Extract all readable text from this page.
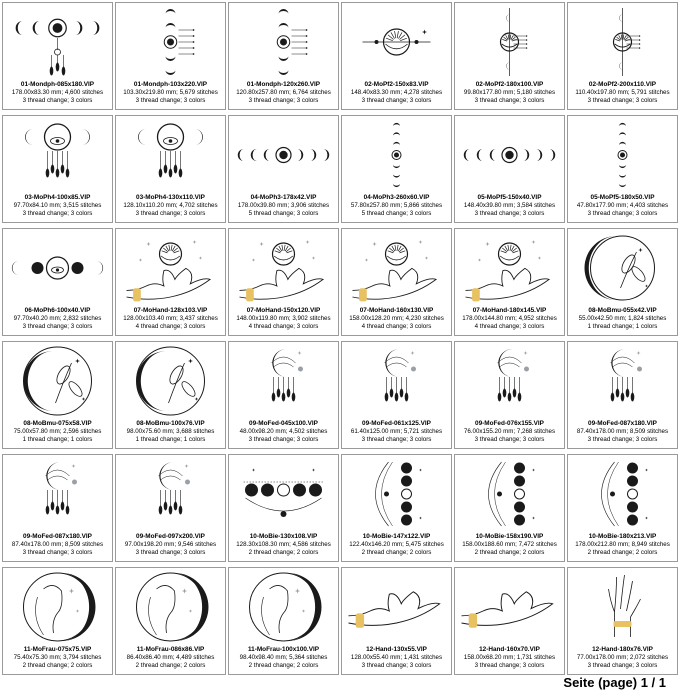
01-Mondph-085x180.VIP
178.00x83.30 mm; 4,600 stitches
3 thread change; 3 colors
01-Mondph-103x220.VIP
103.30x219.80 mm; 5,679 stitches
3 thread change; 3 colors
01-Mondph-120x260.VIP
120.80x257.80 mm; 6,764 stitches
3 thread change; 3 colors
02-MoPf2-150x83.VIP
148.40x83.30 mm; 4,278 stitches
3 thread change; 3 colors
02-MoPf2-180x100.VIP
99.80x177.80 mm; 5,180 stitches
3 thread change; 3 colors
02-MoPf2-200x110.VIP
110.40x197.80 mm; 5,791 stitches
3 thread change; 3 colors
03-MoPh4-100x85.VIP
97.70x84.10 mm; 3,515 stitches
3 thread change; 3 colors
03-MoPh4-130x110.VIP
128.10x110.20 mm; 4,702 stitches
3 thread change; 3 colors
04-MoPh3-178x42.VIP
178.00x39.80 mm; 3,906 stitches
5 thread change; 3 colors
04-MoPh3-260x60.VIP
57.80x257.80 mm; 5,866 stitches
5 thread change; 3 colors
05-MoPf5-150x40.VIP
148.40x39.80 mm; 3,584 stitches
3 thread change; 3 colors
05-MoPf5-180x50.VIP
47.80x177.90 mm; 4,403 stitches
3 thread change; 3 colors
06-MoPh6-100x40.VIP
97.70x40.20 mm; 2,832 stitches
3 thread change; 3 colors
07-MoHand-128x103.VIP
128.00x103.40 mm; 3,437 stitches
4 thread change; 3 colors
07-MoHand-150x120.VIP
148.00x119.80 mm; 3,902 stitches
4 thread change; 3 colors
07-MoHand-160x130.VIP
158.00x128.20 mm; 4,230 stitches
4 thread change; 3 colors
07-MoHand-180x145.VIP
178.00x144.80 mm; 4,952 stitches
4 thread change; 3 colors
08-MoBmu-055x42.VIP
55.00x42.50 mm; 1,824 stitches
1 thread change; 1 colors
08-MoBmu-075x58.VIP
75.00x57.80 mm; 2,596 stitches
1 thread change; 1 colors
08-MoBmu-100x76.VIP
98.00x75.60 mm; 3,688 stitches
1 thread change; 1 colors
09-MoFed-045x100.VIP
48.00x98.20 mm; 4,502 stitches
3 thread change; 3 colors
09-MoFed-061x125.VIP
61.40x125.00 mm; 5,721 stitches
3 thread change; 3 colors
09-MoFed-076x155.VIP
76.00x155.20 mm; 7,268 stitches
3 thread change; 3 colors
09-MoFed-087x180.VIP
87.40x178.00 mm; 8,509 stitches
3 thread change; 3 colors
09-MoFed-087x180.VIP
87.40x178.00 mm; 8,509 stitches
3 thread change; 3 colors
09-MoFed-097x200.VIP
97.00x198.20 mm; 9,546 stitches
3 thread change; 3 colors
10-MoBie-130x108.VIP
128.30x108.30 mm; 4,586 stitches
2 thread change; 2 colors
10-MoBie-147x122.VIP
122.40x146.20 mm; 5,475 stitches
2 thread change; 2 colors
10-MoBie-158x190.VIP
158.00x188.60 mm; 7,472 stitches
2 thread change; 2 colors
10-MoBie-180x213.VIP
178.00x212.80 mm; 8,949 stitches
2 thread change; 2 colors
11-MoFrau-075x75.VIP
75.40x75.30 mm; 3,794 stitches
2 thread change; 2 colors
11-MoFrau-086x86.VIP
86.40x86.40 mm; 4,489 stitches
2 thread change; 2 colors
11-MoFrau-100x100.VIP
98.40x98.40 mm; 5,364 stitches
2 thread change; 2 colors
12-Hand-130x55.VIP
128.00x55.40 mm; 1,431 stitches
3 thread change; 3 colors
12-Hand-160x70.VIP
158.00x68.20 mm; 1,731 stitches
3 thread change; 3 colors
12-Hand-180x76.VIP
77.00x178.00 mm; 2,072 stitches
3 thread change; 3 colors
Seite (page) 1 / 1
